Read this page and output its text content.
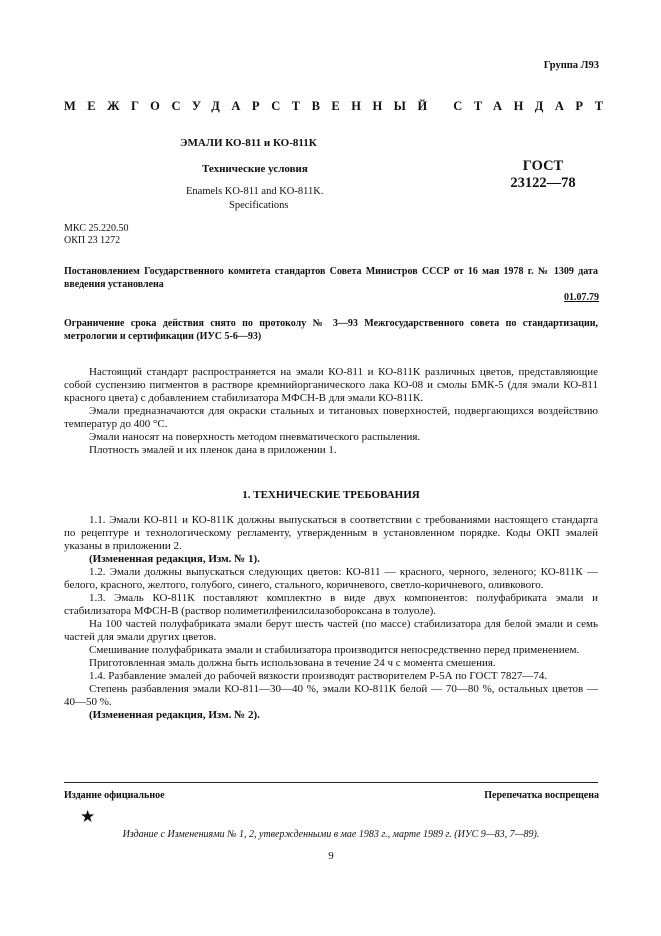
Группа Л93
МЕЖГОСУДАРСТВЕННЫЙ СТАНДАРТ
ЭМАЛИ КО-811 и КО-811К
Технические условия
Enamels KO-811 and KO-811K.
Specifications
ГОСТ
23122—78
МКС 25.220.50
ОКП 23 1272
Постановлением Государственного комитета стандартов Совета Министров СССР от 16 мая 1978 г. № 1309 дата введения установлена
01.07.79
Ограничение срока действия снято по протоколу № 3—93 Межгосударственного совета по стандартизации, метрологии и сертификации (ИУС 5-6—93)

Настоящий стандарт распространяется на эмали КО-811 и КО-811К различных цветов, представляющие собой суспензию пигментов в растворе кремнийорганического лака КО-08 и смолы БМК-5 (для эмали КО-811 красного цвета) с добавлением стабилизатора МФСН-В для эмали КО-811К.

Эмали предназначаются для окраски стальных и титановых поверхностей, подвергающихся воздействию температур до 400 °С.

Эмали наносят на поверхность методом пневматического распыления.

Плотность эмалей и их пленок дана в приложении 1.

1. ТЕХНИЧЕСКИЕ ТРЕБОВАНИЯ

1.1. Эмали КО-811 и КО-811К должны выпускаться в соответствии с требованиями настоящего стандарта по рецептуре и технологическому регламенту, утвержденным в установленном порядке. Коды ОКП эмалей указаны в приложении 2.

(Измененная редакция, Изм. № 1).

1.2. Эмали должны выпускаться следующих цветов: КО-811 — красного, черного, зеленого; КО-811К — белого, красного, желтого, голубого, синего, стального, коричневого, светло-коричневого, оливкового.

1.3. Эмаль КО-811К поставляют комплектно в виде двух компонентов: полуфабриката эмали и стабилизатора МФСН-В (раствор полиметилфенилсилазобороксана в толуоле).

На 100 частей полуфабриката эмали берут шесть частей (по массе) стабилизатора для белой эмали и семь частей для эмали других цветов.

Смешивание полуфабриката эмали и стабилизатора производится непосредственно перед применением.

Приготовленная эмаль должна быть использована в течение 24 ч с момента смешения.

1.4. Разбавление эмалей до рабочей вязкости производят растворителем Р-5А по ГОСТ 7827—74.

Степень разбавления эмали КО-811—30—40 %, эмали КО-811К белой — 70—80 %, остальных цветов — 40—50 %.

(Измененная редакция, Изм. № 2).

Издание официальное	Перепечатка воспрещена
★
Издание с Изменениями № 1, 2, утвержденными в мае 1983 г., марте 1989 г. (ИУС 9—83, 7—89).
9
